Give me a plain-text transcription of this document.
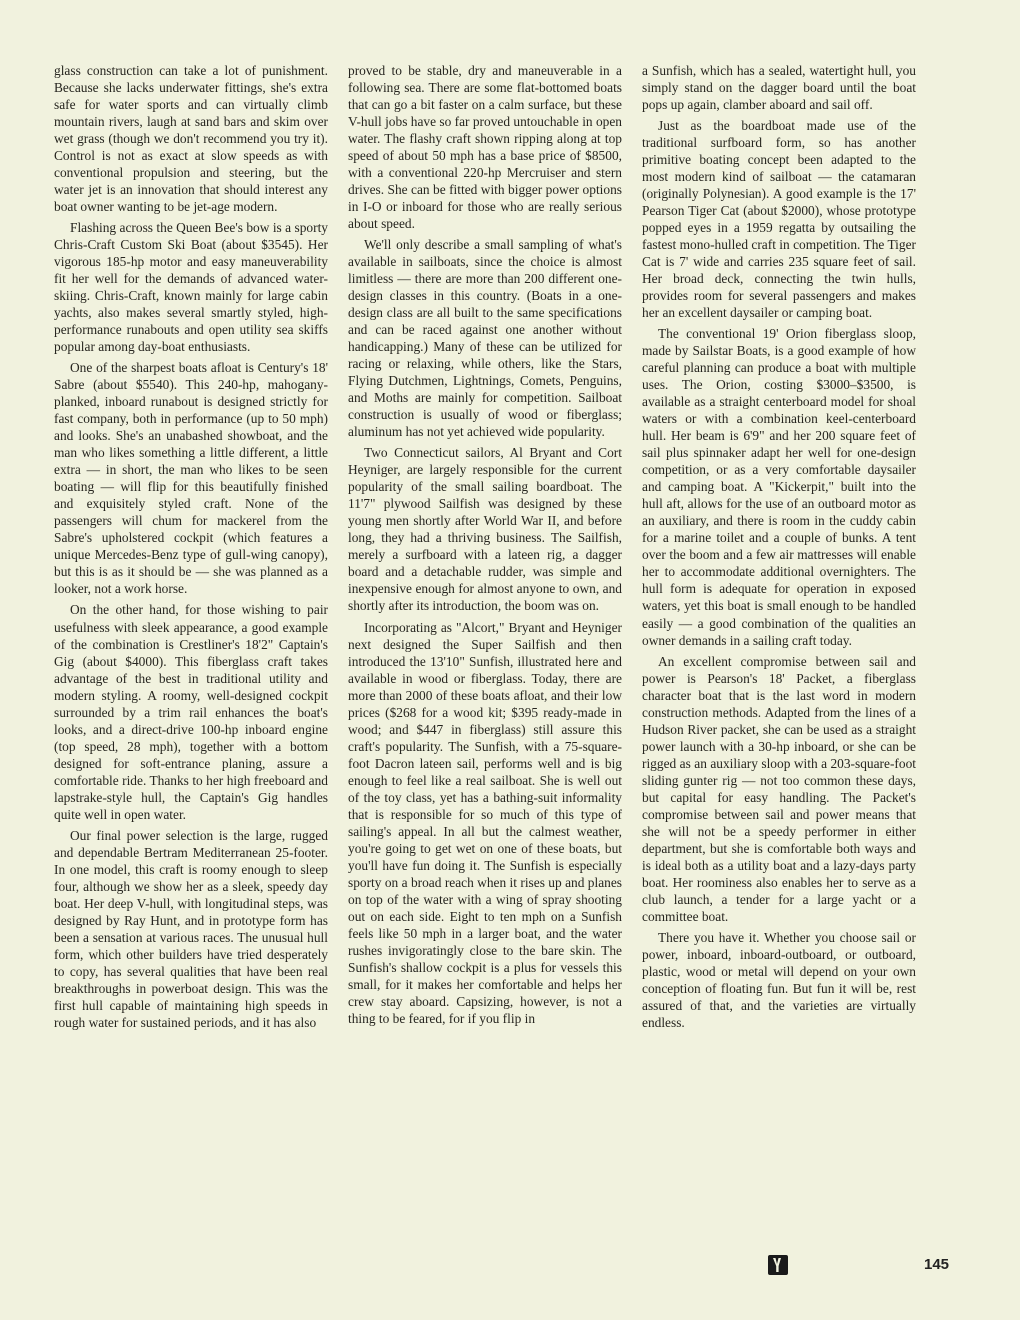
glass construction can take a lot of punishment. Because she lacks underwater fittings, she's extra safe for water sports and can virtually climb mountain rivers, laugh at sand bars and skim over wet grass (though we don't recommend you try it). Control is not as exact at slow speeds as with conventional propulsion and steering, but the water jet is an innovation that should interest any boat owner wanting to be jet-age modern.

Flashing across the Queen Bee's bow is a sporty Chris-Craft Custom Ski Boat (about $3545). Her vigorous 185-hp motor and easy maneuverability fit her well for the demands of advanced water-skiing. Chris-Craft, known mainly for large cabin yachts, also makes several smartly styled, high-performance runabouts and open utility sea skiffs popular among day-boat enthusiasts.

One of the sharpest boats afloat is Century's 18' Sabre (about $5540). This 240-hp, mahogany-planked, inboard runabout is designed strictly for fast company, both in performance (up to 50 mph) and looks. She's an unabashed showboat, and the man who likes something a little different, a little extra — in short, the man who likes to be seen boating — will flip for this beautifully finished and exquisitely styled craft. None of the passengers will chum for mackerel from the Sabre's upholstered cockpit (which features a unique Mercedes-Benz type of gull-wing canopy), but this is as it should be — she was planned as a looker, not a work horse.

On the other hand, for those wishing to pair usefulness with sleek appearance, a good example of the combination is Crestliner's 18'2" Captain's Gig (about $4000). This fiberglass craft takes advantage of the best in traditional utility and modern styling. A roomy, well-designed cockpit surrounded by a trim rail enhances the boat's looks, and a direct-drive 100-hp inboard engine (top speed, 28 mph), together with a bottom designed for soft-entrance planing, assure a comfortable ride. Thanks to her high freeboard and lapstrake-style hull, the Captain's Gig handles quite well in open water.

Our final power selection is the large, rugged and dependable Bertram Mediterranean 25-footer. In one model, this craft is roomy enough to sleep four, although we show her as a sleek, speedy day boat. Her deep V-hull, with longitudinal steps, was designed by Ray Hunt, and in prototype form has been a sensation at various races. The unusual hull form, which other builders have tried desperately to copy, has several qualities that have been real breakthroughs in powerboat design. This was the first hull capable of maintaining high speeds in rough water for sustained periods, and it has also

proved to be stable, dry and maneuverable in a following sea. There are some flat-bottomed boats that can go a bit faster on a calm surface, but these V-hull jobs have so far proved untouchable in open water. The flashy craft shown ripping along at top speed of about 50 mph has a base price of $8500, with a conventional 220-hp Mercruiser and stern drives. She can be fitted with bigger power options in I-O or inboard for those who are really serious about speed.

We'll only describe a small sampling of what's available in sailboats, since the choice is almost limitless — there are more than 200 different one-design classes in this country. (Boats in a one-design class are all built to the same specifications and can be raced against one another without handicapping.) Many of these can be utilized for racing or relaxing, while others, like the Stars, Flying Dutchmen, Lightnings, Comets, Penguins, and Moths are mainly for competition. Sailboat construction is usually of wood or fiberglass; aluminum has not yet achieved wide popularity.

Two Connecticut sailors, Al Bryant and Cort Heyniger, are largely responsible for the current popularity of the small sailing boardboat. The 11'7" plywood Sailfish was designed by these young men shortly after World War II, and before long, they had a thriving business. The Sailfish, merely a surfboard with a lateen rig, a dagger board and a detachable rudder, was simple and inexpensive enough for almost anyone to own, and shortly after its introduction, the boom was on.

Incorporating as "Alcort," Bryant and Heyniger next designed the Super Sailfish and then introduced the 13'10" Sunfish, illustrated here and available in wood or fiberglass. Today, there are more than 2000 of these boats afloat, and their low prices ($268 for a wood kit; $395 ready-made in wood; and $447 in fiberglass) still assure this craft's popularity. The Sunfish, with a 75-square-foot Dacron lateen sail, performs well and is big enough to feel like a real sailboat. She is well out of the toy class, yet has a bathing-suit informality that is responsible for so much of this type of sailing's appeal. In all but the calmest weather, you're going to get wet on one of these boats, but you'll have fun doing it. The Sunfish is especially sporty on a broad reach when it rises up and planes on top of the water with a wing of spray shooting out on each side. Eight to ten mph on a Sunfish feels like 50 mph in a larger boat, and the water rushes invigoratingly close to the bare skin. The Sunfish's shallow cockpit is a plus for vessels this small, for it makes her comfortable and helps her crew stay aboard. Capsizing, however, is not a thing to be feared, for if you flip in

a Sunfish, which has a sealed, watertight hull, you simply stand on the dagger board until the boat pops up again, clamber aboard and sail off.

Just as the boardboat made use of the traditional surfboard form, so has another primitive boating concept been adapted to the most modern kind of sailboat — the catamaran (originally Polynesian). A good example is the 17' Pearson Tiger Cat (about $2000), whose prototype popped eyes in a 1959 regatta by outsailing the fastest mono-hulled craft in competition. The Tiger Cat is 7' wide and carries 235 square feet of sail. Her broad deck, connecting the twin hulls, provides room for several passengers and makes her an excellent daysailer or camping boat.

The conventional 19' Orion fiberglass sloop, made by Sailstar Boats, is a good example of how careful planning can produce a boat with multiple uses. The Orion, costing $3000–$3500, is available as a straight centerboard model for shoal waters or with a combination keel-centerboard hull. Her beam is 6'9" and her 200 square feet of sail plus spinnaker adapt her well for one-design competition, or as a very comfortable daysailer and camping boat. A "Kickerpit," built into the hull aft, allows for the use of an outboard motor as an auxiliary, and there is room in the cuddy cabin for a marine toilet and a couple of bunks. A tent over the boom and a few air mattresses will enable her to accommodate additional overnighters. The hull form is adequate for operation in exposed waters, yet this boat is small enough to be handled easily — a good combination of the qualities an owner demands in a sailing craft today.

An excellent compromise between sail and power is Pearson's 18' Packet, a fiberglass character boat that is the last word in modern construction methods. Adapted from the lines of a Hudson River packet, she can be used as a straight power launch with a 30-hp inboard, or she can be rigged as an auxiliary sloop with a 203-square-foot sliding gunter rig — not too common these days, but capital for easy handling. The Packet's compromise between sail and power means that she will not be a speedy performer in either department, but she is comfortable both ways and is ideal both as a utility boat and a lazy-days party boat. Her roominess also enables her to serve as a club launch, a tender for a large yacht or a committee boat.

There you have it. Whether you choose sail or power, inboard, inboard-outboard, or outboard, plastic, wood or metal will depend on your own conception of floating fun. But fun it will be, rest assured of that, and the varieties are virtually endless.

145
